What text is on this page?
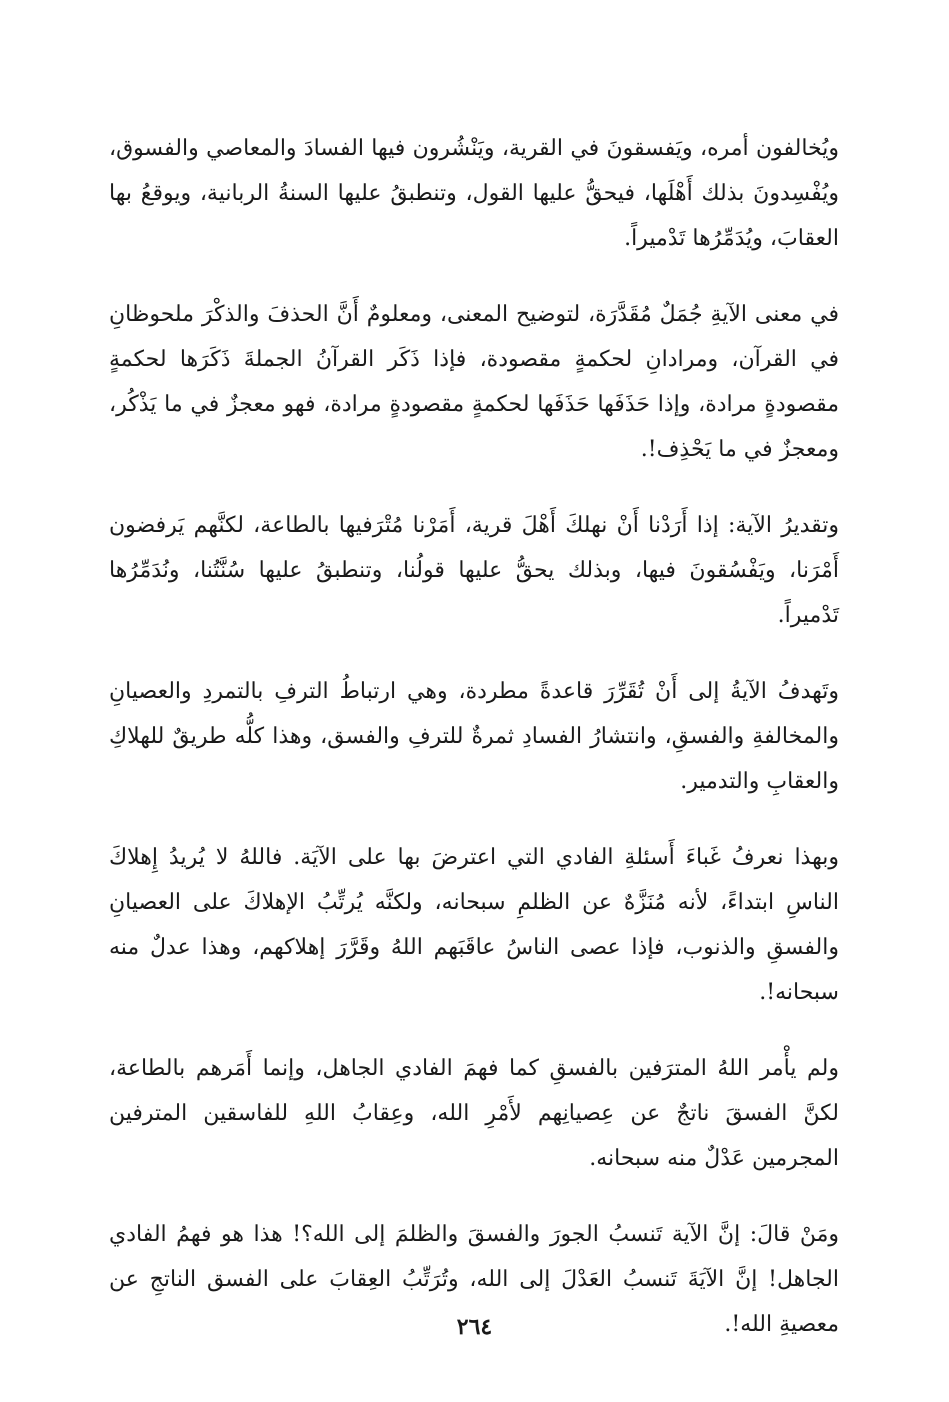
ويُخالفون أمره، ويَفسقونَ في القرية، ويَنْشُرون فيها الفسادَ والمعاصي والفسوق، ويُفْسِدونَ بذلك أَهْلَها، فيحقُّ عليها القول، وتنطبقُ عليها السنةُ الربانية، ويوقعُ بها العقابَ، ويُدَمِّرُها تَدْميراً.

في معنى الآيةِ جُمَلٌ مُقَدَّرَة، لتوضيح المعنى، ومعلومٌ أَنَّ الحذفَ والذكْرَ ملحوظانِ في القرآن، ومرادانِ لحكمةٍ مقصودة، فإذا ذَكَر القرآنُ الجملةَ ذَكَرَها لحكمةٍ مقصودةٍ مرادة، وإذا حَذَفَها حَذَفَها لحكمةٍ مقصودةٍ مرادة، فهو معجزٌ في ما يَذْكُر، ومعجزٌ في ما يَحْذِف!.

وتقديرُ الآية: إذا أَرَدْنا أَنْ نهلكَ أَهْلَ قرية، أَمَرْنا مُتْرَفيها بالطاعة، لكنَّهم يَرفضون أَمْرَنا، ويَفْسُقونَ فيها، وبذلك يحقُّ عليها قولُنا، وتنطبقُ عليها سُنَّتُنا، ونُدَمِّرُها تَدْميراً.

وتَهدفُ الآيةُ إلى أَنْ تُقَرِّرَ قاعدةً مطردة، وهي ارتباطُ الترفِ بالتمردِ والعصيانِ والمخالفةِ والفسقِ، وانتشارُ الفسادِ ثمرةٌ للترفِ والفسق، وهذا كلُّه طريقٌ للهلاكِ والعقابِ والتدمير.

وبهذا نعرفُ غَباءَ أَسئلةِ الفادي التي اعترضَ بها على الآيَة. فاللهُ لا يُريدُ إِهلاكَ الناسِ ابتداءً، لأنه مُنَزَّهٌ عن الظلمِ سبحانه، ولكنَّه يُرتِّبُ الإهلاكَ على العصيانِ والفسقِ والذنوب، فإذا عصى الناسُ عاقَبَهم اللهُ وقَرَّرَ إهلاكهم، وهذا عدلٌ منه سبحانه!.

ولم يأْمر اللهُ المترَفين بالفسقِ كما فهمَ الفادي الجاهل، وإنما أَمَرهم بالطاعة، لكنَّ الفسقَ ناتجٌ عن عِصيانِهم لأَمْرِ الله، وعِقابُ اللهِ للفاسقين المترفين المجرمين عَدْلٌ منه سبحانه.

ومَنْ قالَ: إنَّ الآية تَنسبُ الجورَ والفسقَ والظلمَ إلى الله؟! هذا هو فهمُ الفادي الجاهل! إنَّ الآيَةَ تَنسبُ العَدْلَ إلى الله، وتُرَتِّبُ العِقابَ على الفسق الناتجِ عن معصيةِ الله!.

٢٦٤
